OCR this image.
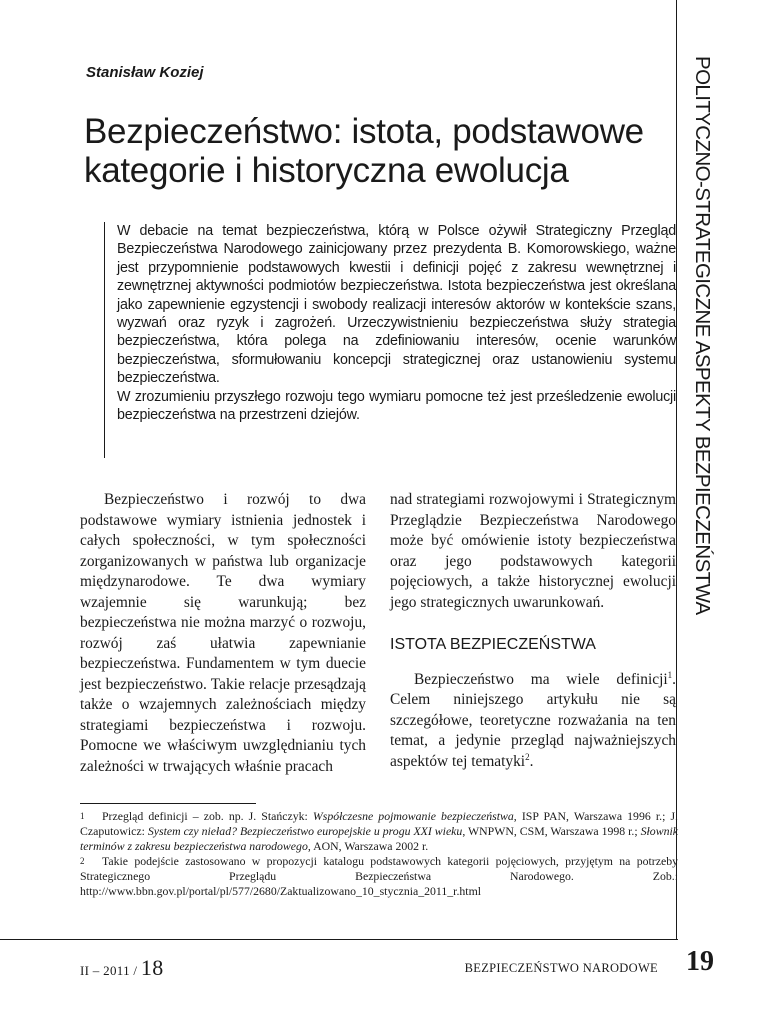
POLITYCZNO-STRATEGICZNE ASPEKTY BEZPIECZEŃSTWA
Stanisław Koziej
Bezpieczeństwo: istota, podstawowe kategorie i historyczna ewolucja

W debacie na temat bezpieczeństwa, którą w Polsce ożywił Strategiczny Przegląd Bezpieczeństwa Narodowego zainicjowany przez prezydenta B. Komorowskiego, ważne jest przypomnienie podstawowych kwestii i definicji pojęć z zakresu wewnętrznej i zewnętrznej aktywności podmiotów bezpieczeństwa. Istota bezpieczeństwa jest określana jako zapewnienie egzystencji i swobody realizacji interesów aktorów w kontekście szans, wyzwań oraz ryzyk i zagrożeń. Urzeczywistnieniu bezpieczeństwa służy strategia bezpieczeństwa, która polega na zdefiniowaniu interesów, ocenie warunków bezpieczeństwa, sformułowaniu koncepcji strategicznej oraz ustanowieniu systemu bezpieczeństwa.

W zrozumieniu przyszłego rozwoju tego wymiaru pomocne też jest prześledzenie ewolucji bezpieczeństwa na przestrzeni dziejów.

Bezpieczeństwo i rozwój to dwa podstawowe wymiary istnienia jednostek i całych społeczności, w tym społeczności zorganizowanych w państwa lub organizacje międzynarodowe. Te dwa wymiary wzajemnie się warunkują; bez bezpieczeństwa nie można marzyć o rozwoju, rozwój zaś ułatwia zapewnianie bezpieczeństwa. Fundamentem w tym duecie jest bezpieczeństwo. Takie relacje przesądzają także o wzajemnych zależnościach między strategiami bezpieczeństwa i rozwoju. Pomocne we właściwym uwzględnianiu tych zależności w trwających właśnie pracach

nad strategiami rozwojowymi i Strategicznym Przeglądzie Bezpieczeństwa Narodowego może być omówienie istoty bezpieczeństwa oraz jego podstawowych kategorii pojęciowych, a także historycznej ewolucji jego strategicznych uwarunkowań.

ISTOTA BEZPIECZEŃSTWA

Bezpieczeństwo ma wiele definicji$^1$. Celem niniejszego artykułu nie są szczegółowe, teoretyczne rozważania na ten temat, a jedynie przegląd najważniejszych aspektów tej tematyki$^2$.

1 Przegląd definicji – zob. np. J. Stańczyk: Współczesne pojmowanie bezpieczeństwa, ISP PAN, Warszawa 1996 r.; J. Czaputowicz: System czy nieład? Bezpieczeństwo europejskie u progu XXI wieku, WNPWN, CSM, Warszawa 1998 r.; Słownik terminów z zakresu bezpieczeństwa narodowego, AON, Warszawa 2002 r.

2 Takie podejście zastosowano w propozycji katalogu podstawowych kategorii pojęciowych, przyjętym na potrzeby Strategicznego Przeglądu Bezpieczeństwa Narodowego. Zob.: http://www.bbn.gov.pl/portal/pl/577/2680/Zaktualizowano_10_stycznia_2011_r.html

II – 2011 / 18	BEZPIECZEŃSTWO NARODOWE 19
